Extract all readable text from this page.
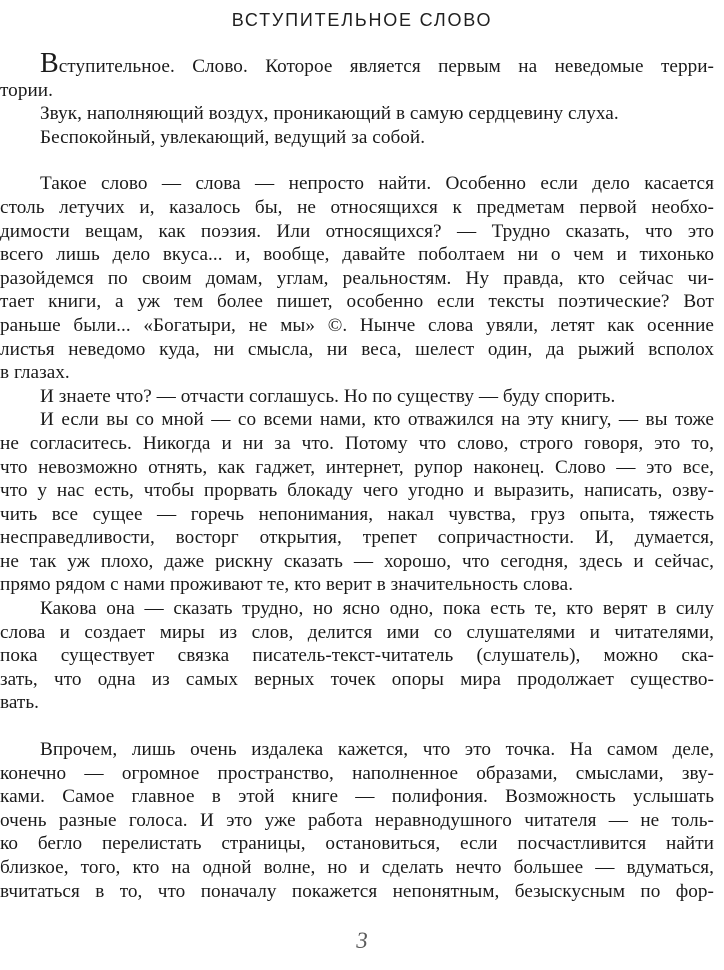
ВСТУПИТЕЛЬНОЕ СЛОВО
Вступительное. Слово. Которое является первым на неведомые терри-
тории.
Звук, наполняющий воздух, проникающий в самую сердцевину слуха.
Беспокойный, увлекающий, ведущий за собой.
Такое слово — слова — непросто найти. Особенно если дело касается
столь летучих и, казалось бы, не относящихся к предметам первой необхо-
димости вещам, как поэзия. Или относящихся? — Трудно сказать, что это
всего лишь дело вкуса... и, вообще, давайте поболтаем ни о чем и тихонько
разойдемся по своим домам, углам, реальностям. Ну правда, кто сейчас чи-
тает книги, а уж тем более пишет, особенно если тексты поэтические? Вот
раньше были... «Богатыри, не мы» ©. Нынче слова увяли, летят как осенние
листья неведомо куда, ни смысла, ни веса, шелест один, да рыжий всполох
в глазах.
И знаете что? — отчасти соглашусь. Но по существу — буду спорить.
И если вы со мной — со всеми нами, кто отважился на эту книгу, — вы тоже
не согласитесь. Никогда и ни за что. Потому что слово, строго говоря, это то,
что невозможно отнять, как гаджет, интернет, рупор наконец. Слово — это все,
что у нас есть, чтобы прорвать блокаду чего угодно и выразить, написать, озву-
чить все сущее — горечь непонимания, накал чувства, груз опыта, тяжесть
несправедливости, восторг открытия, трепет сопричастности. И, думается,
не так уж плохо, даже рискну сказать — хорошо, что сегодня, здесь и сейчас,
прямо рядом с нами проживают те, кто верит в значительность слова.
Какова она — сказать трудно, но ясно одно, пока есть те, кто верят в силу
слова и создает миры из слов, делится ими со слушателями и читателями,
пока существует связка писатель-текст-читатель (слушатель), можно ска-
зать, что одна из самых верных точек опоры мира продолжает существо-
вать.
Впрочем, лишь очень издалека кажется, что это точка. На самом деле,
конечно — огромное пространство, наполненное образами, смыслами, зву-
ками. Самое главное в этой книге — полифония. Возможность услышать
очень разные голоса. И это уже работа неравнодушного читателя — не толь-
ко бегло перелистать страницы, остановиться, если посчастливится найти
близкое, того, кто на одной волне, но и сделать нечто большее — вдуматься,
вчитаться в то, что поначалу покажется непонятным, безыскусным по фор-
3
